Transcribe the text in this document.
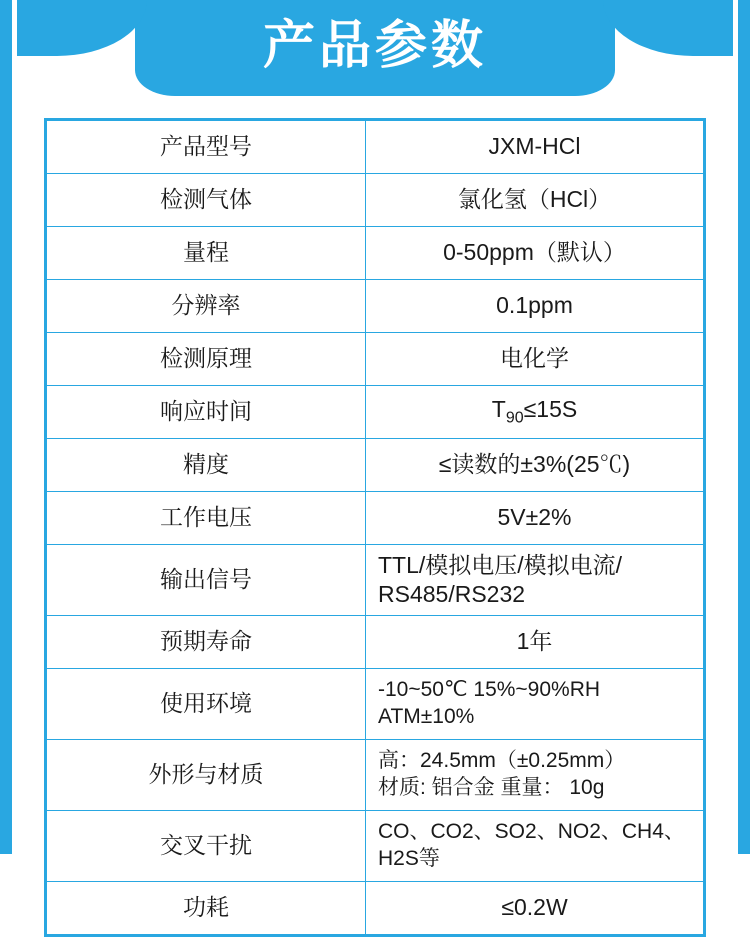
产品参数
产品型号	JXM-HCl
检测气体	氯化氢（HCl）
量程	0-50ppm（默认）
分辨率	0.1ppm
检测原理	电化学
响应时间	$T_{90}\le 15S$
精度	≤读数的±3%(25℃)
工作电压	5V±2%
输出信号	TTL/模拟电压/模拟电流/
RS485/RS232

预期寿命	1年
使用环境	-10~50℃ 15%~90%RH
ATM±10%

外形与材质	高：24.5mm（±0.25mm）
材质: 铝合金 重量： 10g

交叉干扰	CO、CO2、SO2、NO2、CH4、
H2S等

功耗	≤0.2W
